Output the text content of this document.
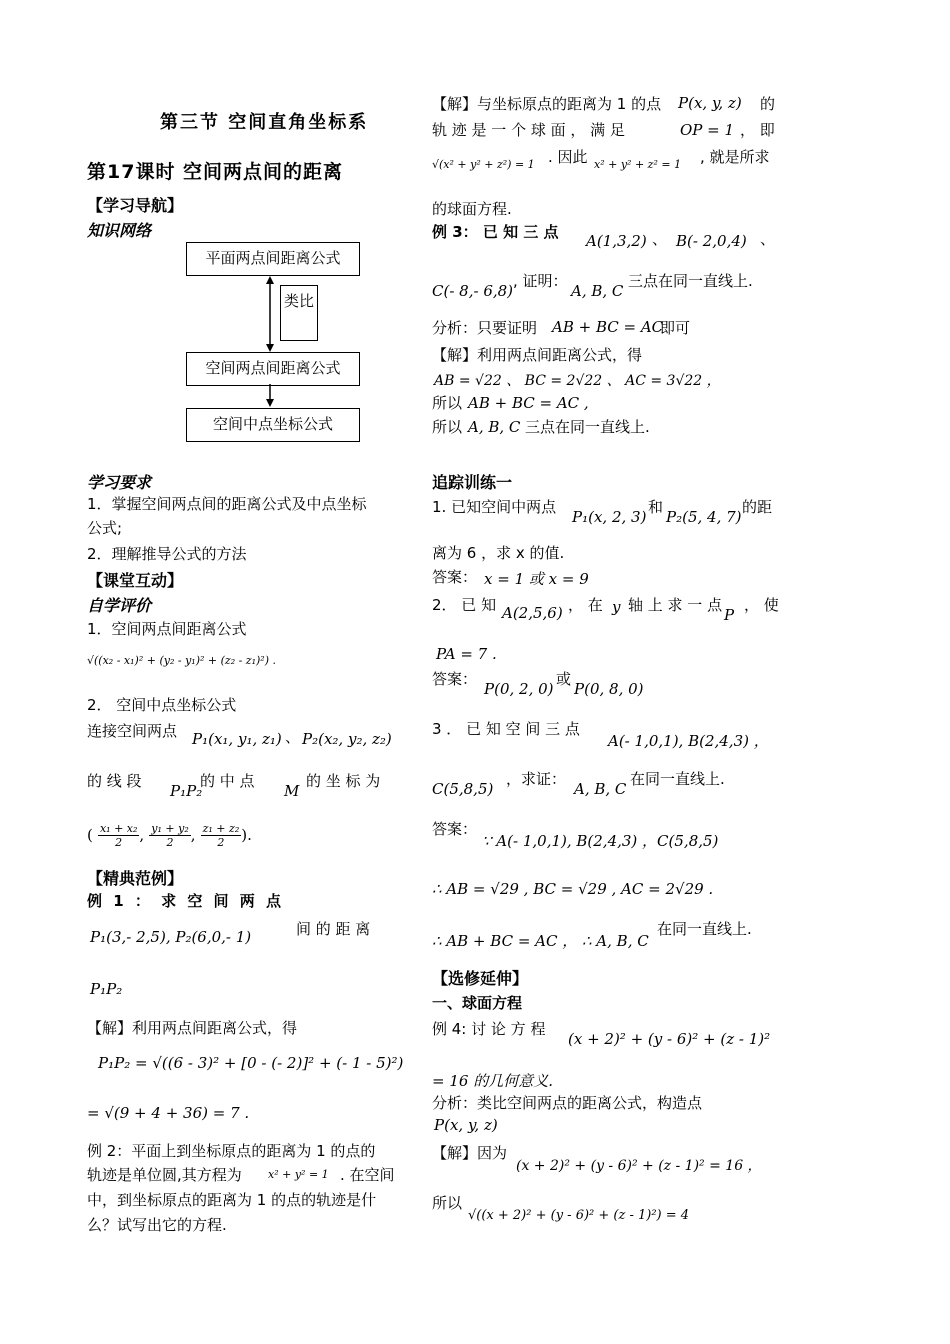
第三节 空间直角坐标系
第17课时 空间两点间的距离
【学习导航】
知识网络
平面两点间距离公式
类比
空间两点间距离公式
空间中点坐标公式
学习要求
1．掌握空间两点间的距离公式及中点坐标
公式;
2．理解推导公式的方法
【课堂互动】
自学评价
1．空间两点间距离公式
√((x₂ - x₁)² + (y₂ - y₁)² + (z₂ - z₁)²) .
2． 空间中点坐标公式
连接空间两点 P₁(x₁, y₁, z₁) 、 P₂(x₂, y₂, z₂)
的 线 段
P₁P₂
的 中 点
M
的 坐 标 为
( $\frac{\text{x₁ + x₂}}{2}$ , $\frac{\text{y₁ + y₂}}{2}$ , $\frac{\text{z₁ + z₂}}{2}$ ).
【精典范例】
例 1 ： 求 空 间 两 点
P₁(3,- 2,5), P₂(6,0,- 1)	间 的 距 离
P₁P₂
【解】利用两点间距离公式，得
P₁P₂ = √((6 - 3)² + [0 - (- 2)]² + (- 1 - 5)²)
= √(9 + 4 + 36) = 7 .
例 2：平面上到坐标原点的距离为 1 的点的
轨迹是单位圆,其方程为 x² + y² = 1 . 在空间
中，到坐标原点的距离为 1 的点的轨迹是什
么？试写出它的方程.
【解】与坐标原点的距离为 1 的点 P(x, y, z) 的
轨 迹 是 一 个 球 面 ， 满 足	OP = 1 ， 即
√(x² + y² + z²) = 1 . 因此 x² + y² + z² = 1 , 就是所求
的球面方程.
例 3： 已 知 三 点 A(1,3,2) 、 B(- 2,0,4) 、
C(- 8,- 6,8)
, 证明：
A, B, C
三点在同一直线上.
分析：只要证明 AB + BC = AC
即可
【解】利用两点间距离公式，得
AB = √22 、 BC = 2√22 、 AC = 3√22 ，
所以 AB + BC = AC ,
所以 A, B, C 三点在同一直线上.
追踪训练一
1. 已知空间中两点
P₁(x, 2, 3)
和
P₂(5, 4, 7)
的距
离为 6 ，求 x 的值.
答案： x = 1 或 x = 9
2． 已 知 A(2,5,6) ， 在 y 轴 上 求 一 点
P
， 使
PA = 7 .
答案：
P(0, 2, 0)
或
P(0, 8, 0)
3 ． 已 知 空 间 三 点
A(- 1,0,1), B(2,4,3) ，
C(5,8,5)
，求证：
A, B, C
在同一直线上.
答案：
∵ A(- 1,0,1), B(2,4,3) ，C(5,8,5)
∴ AB = √29 , BC = √29 , AC = 2√29 .
∴ AB + BC = AC ， ∴ A, B, C
在同一直线上.
【选修延伸】
一、球面方程
例 4: 讨 论 方 程
(x + 2)² + (y - 6)² + (z - 1)²
= 16 的几何意义.
分析：类比空间两点的距离公式，构造点
P(x, y, z)
【解】因为
(x + 2)² + (y - 6)² + (z - 1)² = 16 ，
所以
√((x + 2)² + (y - 6)² + (z - 1)²) = 4
